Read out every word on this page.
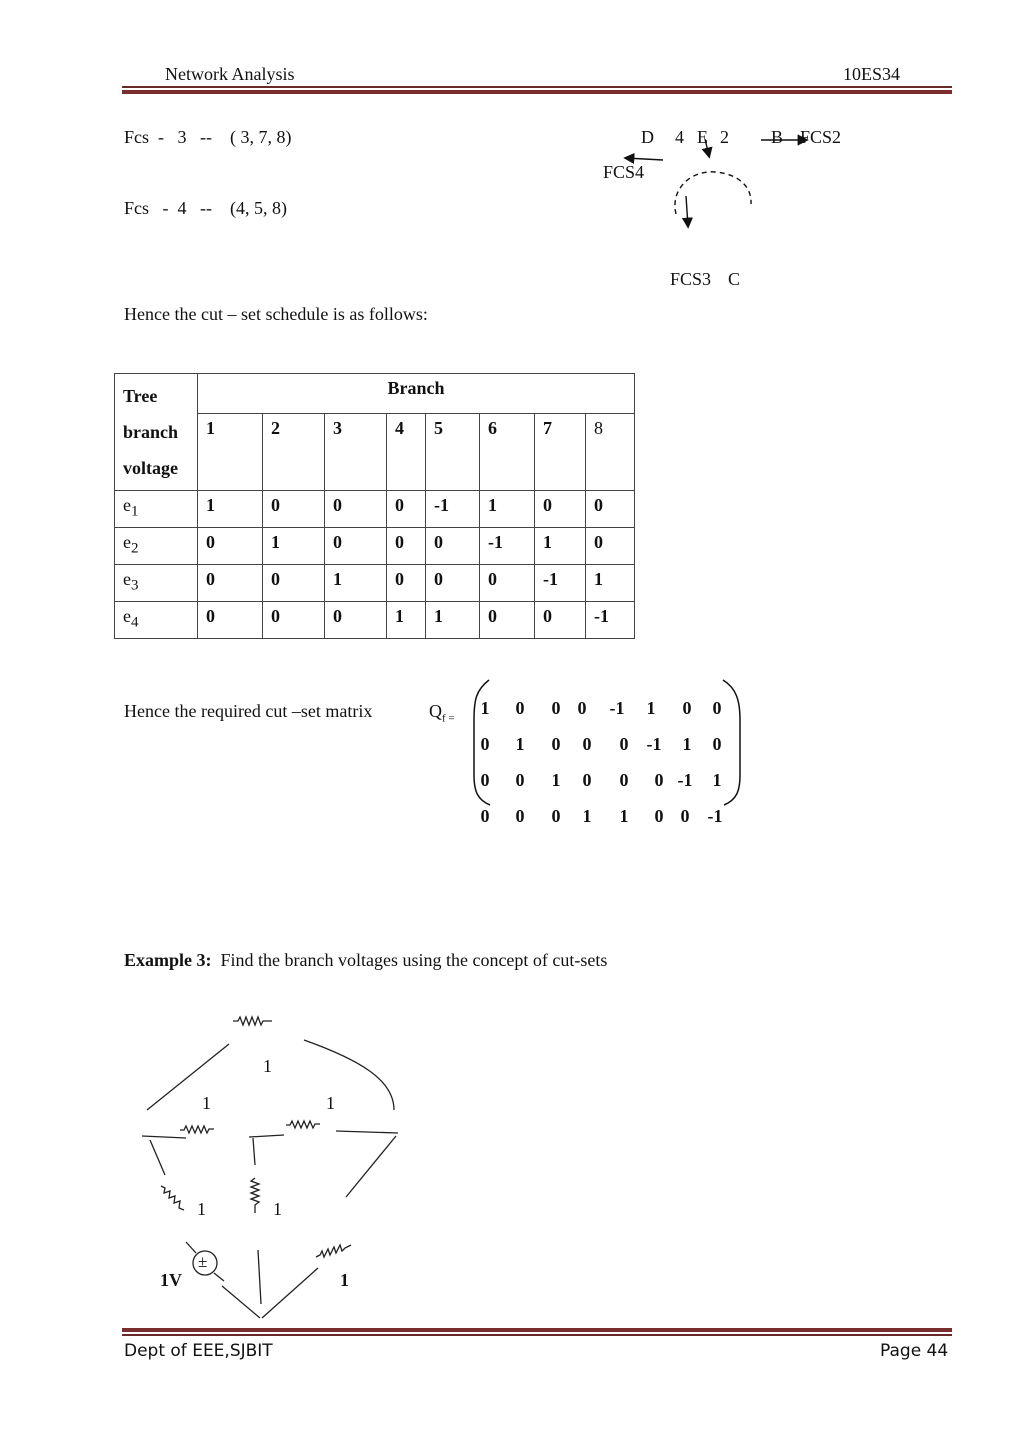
Network Analysis	10ES34
Fcs - 3 -- ( 3, 7, 8)
Fcs - 4 -- (4, 5, 8)
D 4 E 2 B FCS2
FCS4
FCS3 C
Hence the cut – set schedule is as follows:
Tree
branch
voltage	Branch							
	1	2	3	4	5	6	7	8
$e_1$	1	0	0	0	-1	1	0	0
$e_2$	0	1	0	0	0	-1	1	0
$e_3$	0	0	1	0	0	0	-1	1
$e_4$	0	0	0	1	1	0	0	-1
Hence the required cut –set matrix	$Q_{f =}$
1	0	0 0	-1	1	0	0
0	1	0	0	0	-1	1	0
0	0	1	0	0	0 -1	1
0	0	0	1	1	0 0	-1
Example 3: Find the branch voltages using the concept of cut-sets
1
1	1
1	1
±
1V	1
Dept of EEE,SJBIT	Page 44
